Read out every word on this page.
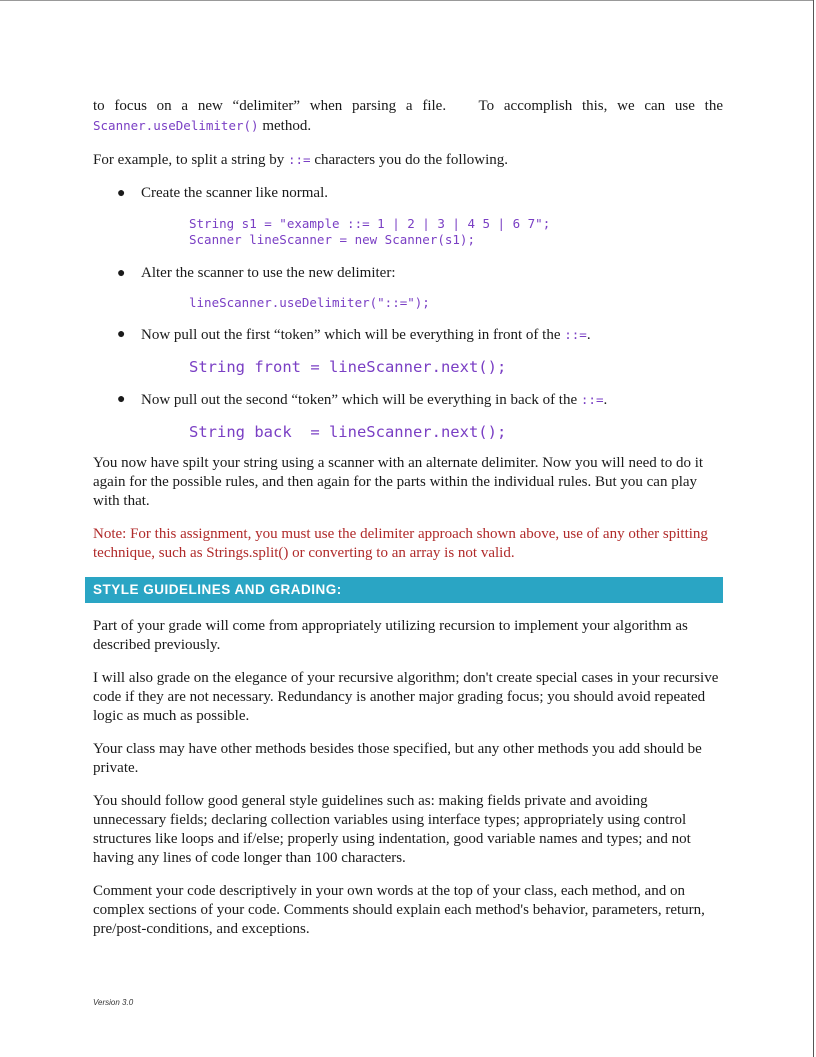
to focus on a new “delimiter” when parsing a file. To accomplish this, we can use the

Scanner.useDelimiter() method.

For example, to split a string by ::= characters you do the following.

● Create the scanner like normal.
String s1 = "example ::= 1 | 2 | 3 | 4 5 | 6 7";
Scanner lineScanner = new Scanner(s1);
● Alter the scanner to use the new delimiter:
lineScanner.useDelimiter("::=");
● Now pull out the first “token” which will be everything in front of the ::=.
String front = lineScanner.next();
● Now pull out the second “token” which will be everything in back of the ::=.
String back  = lineScanner.next();

You now have spilt your string using a scanner with an alternate delimiter. Now you will need to do it again for the possible rules, and then again for the parts within the individual rules. But you can play with that.

Note: For this assignment, you must use the delimiter approach shown above, use of any other spitting technique, such as Strings.split() or converting to an array is not valid.

STYLE GUIDELINES AND GRADING:

Part of your grade will come from appropriately utilizing recursion to implement your algorithm as described previously.

I will also grade on the elegance of your recursive algorithm; don't create special cases in your recursive code if they are not necessary. Redundancy is another major grading focus; you should avoid repeated logic as much as possible.

Your class may have other methods besides those specified, but any other methods you add should be private.

You should follow good general style guidelines such as: making fields private and avoiding unnecessary fields; declaring collection variables using interface types; appropriately using control structures like loops and if/else; properly using indentation, good variable names and types; and not having any lines of code longer than 100 characters.

Comment your code descriptively in your own words at the top of your class, each method, and on complex sections of your code. Comments should explain each method's behavior, parameters, return, pre/post-conditions, and exceptions.

Version 3.0
